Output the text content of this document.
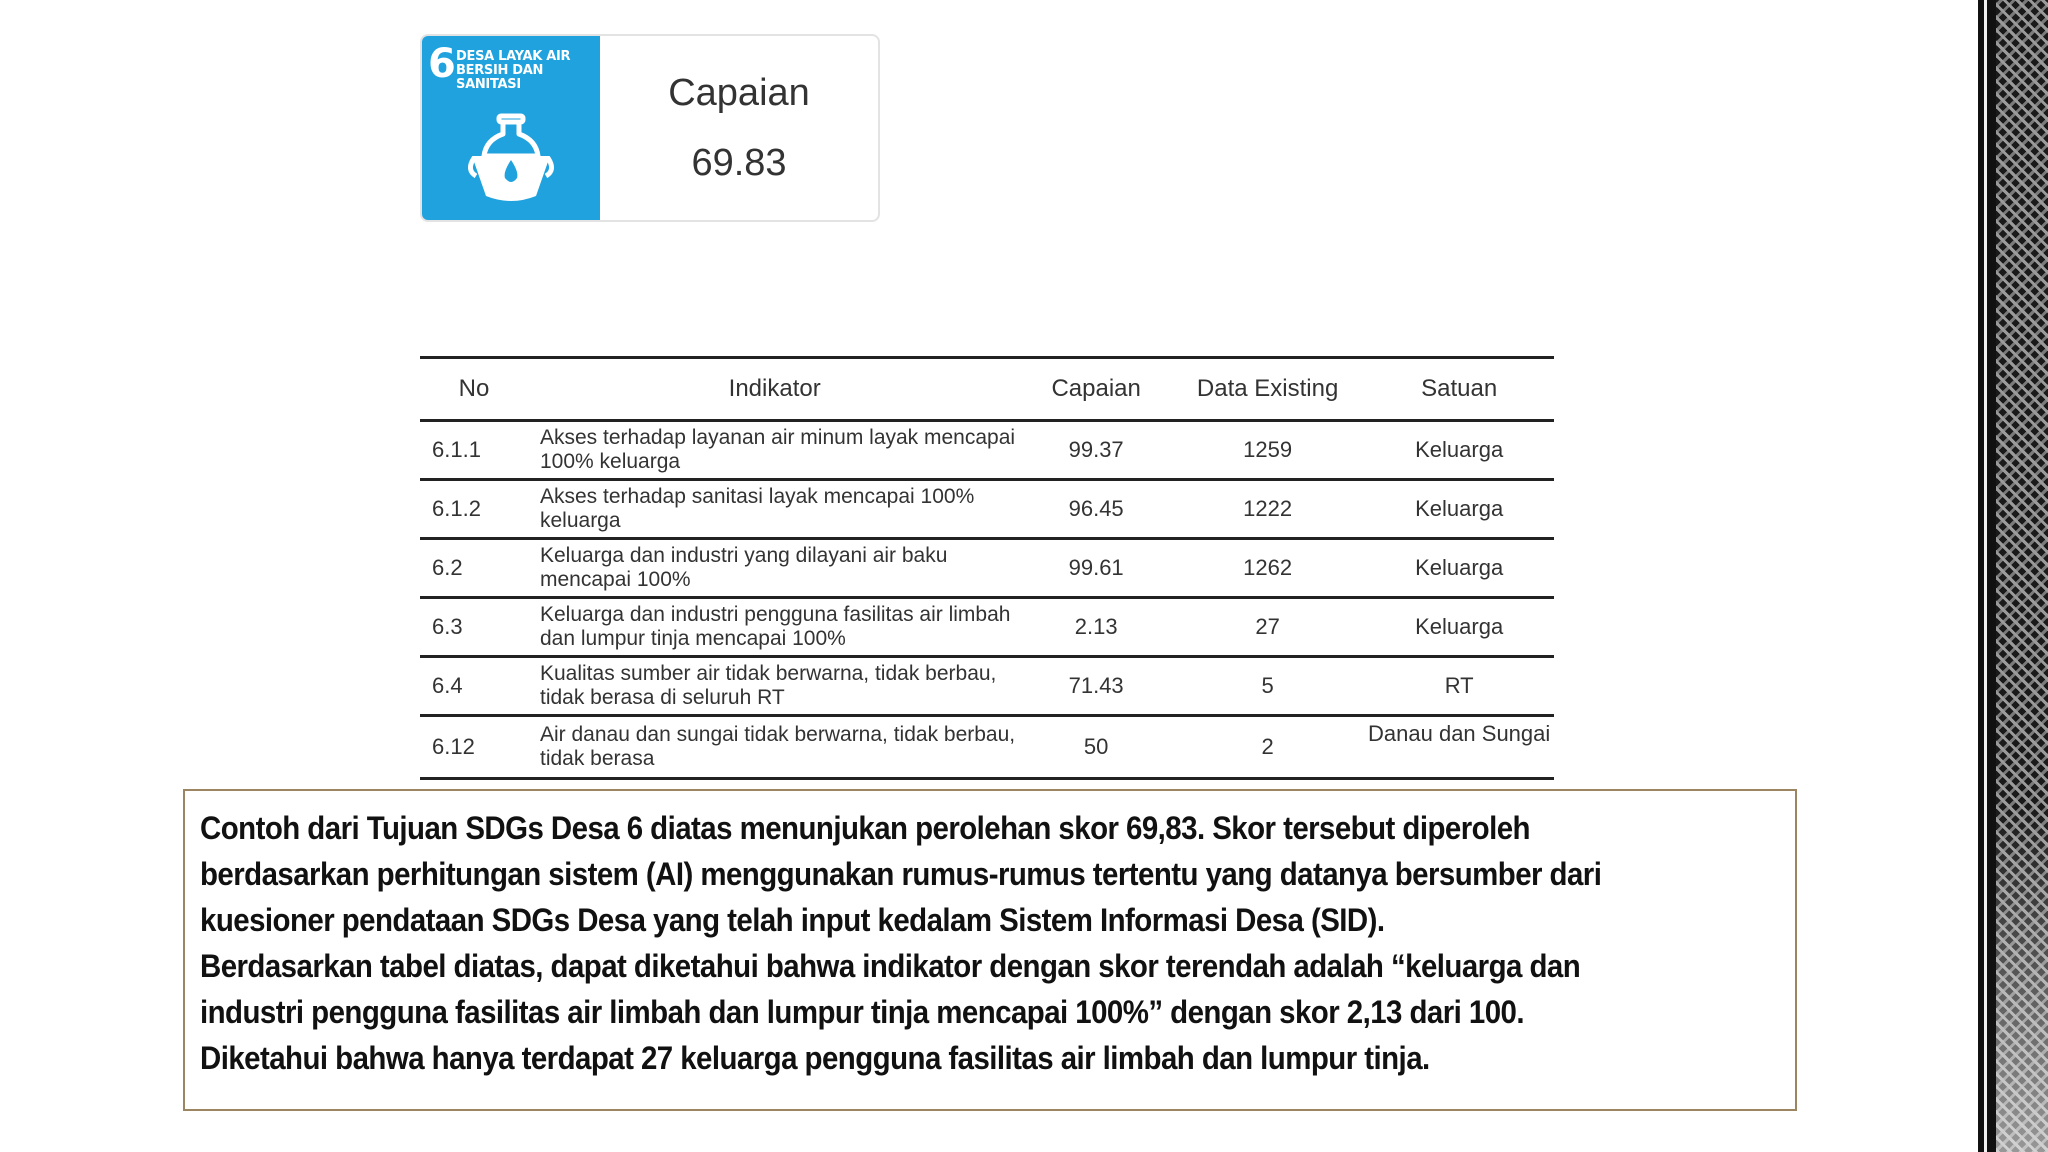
6 DESA LAYAK AIR BERSIH DAN SANITASI	Capaian
69.83
No	Indikator	Capaian	Data Existing	Satuan
6.1.1	Akses terhadap layanan air minum layak mencapai 100% keluarga	99.37	1259	Keluarga
6.1.2	Akses terhadap sanitasi layak mencapai 100% keluarga	96.45	1222	Keluarga
6.2	Keluarga dan industri yang dilayani air baku mencapai 100%	99.61	1262	Keluarga
6.3	Keluarga dan industri pengguna fasilitas air limbah dan lumpur tinja mencapai 100%	2.13	27	Keluarga
6.4	Kualitas sumber air tidak berwarna, tidak berbau, tidak berasa di seluruh RT	71.43	5	RT
6.12	Air danau dan sungai tidak berwarna, tidak berbau, tidak berasa	50	2	Danau dan Sungai

Contoh dari Tujuan SDGs Desa 6 diatas menunjukan perolehan skor 69,83. Skor tersebut diperoleh

berdasarkan perhitungan sistem (AI) menggunakan rumus-rumus tertentu yang datanya bersumber dari

kuesioner pendataan SDGs Desa yang telah input kedalam Sistem Informasi Desa (SID).

Berdasarkan tabel diatas, dapat diketahui bahwa indikator dengan skor terendah adalah “keluarga dan

industri pengguna fasilitas air limbah dan lumpur tinja mencapai 100%” dengan skor 2,13 dari 100.

Diketahui bahwa hanya terdapat 27 keluarga pengguna fasilitas air limbah dan lumpur tinja.
